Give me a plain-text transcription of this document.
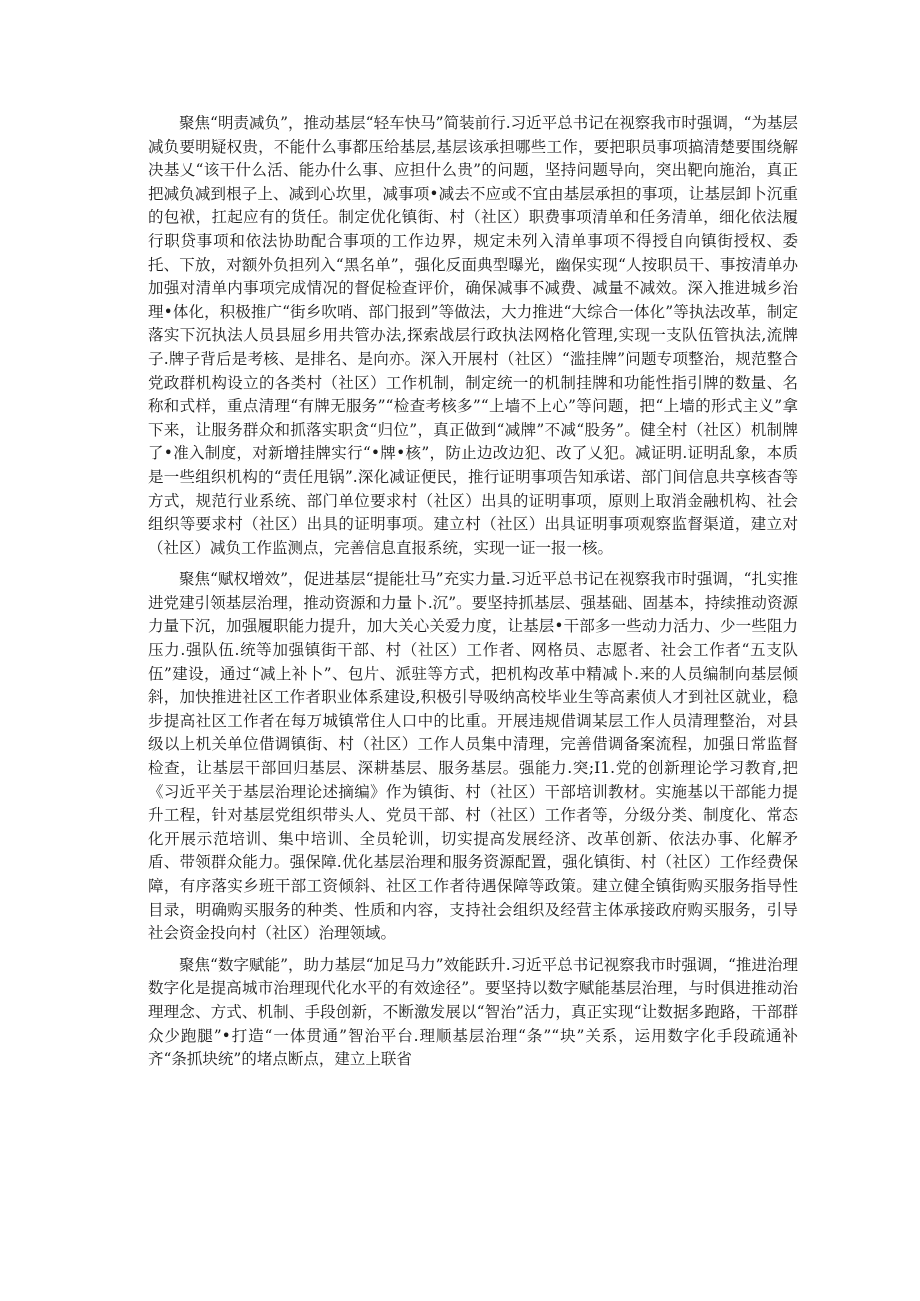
聚焦“明责减负”，推动基层“轻车快马”简装前行.习近平总书记在视察我市时强调，“为基层减负要明疑权贵，不能什么事都压给基层,基层该承担哪些工作，要把职员事项搞清楚要围绕解决基乂“该干什么活、能办什么事、应担什么贵”的问题，坚持问题导向，突出靶向施治，真正把减负减到根子上、减到心坎里，减事项•减去不应或不宜由基层承担的事项，让基层卸卜沉重的包袱，扛起应有的货任。制定优化镇街、村（社区）职费事项清单和任务清单，细化依法履行职贷事项和依法协助配合事项的工作边界，规定未列入清单事项不得授自向镇街授权、委托、下放，对额外负担列入“黑名单”，强化反面典型曝光，幽保实现“人按职员干、事按清单办加强对清单内事项完成情况的督促检查评价，确保减事不减费、减量不减效。深入推进城乡治理•体化，积极推广“街乡吹哨、部门报到”等做法，大力推进“大综合一体化”等执法改革，制定落实下沉执法人员县屈乡用共管办法,探索战层行政执法网格化管理,实现一支队伍管执法,流牌子.牌子背后是考核、是排名、是向亦。深入开展村（社区）“滥挂牌”问题专项整治，规范整合党政群机构设立的各类村（社区）工作机制，制定统一的机制挂牌和功能性指引牌的数量、名称和式样，重点清理“有牌无服务”“检查考核多”“上墙不上心”等问题，把“上墙的形式主义”拿下来，让服务群众和抓落实职贪“归位”，真正做到“减牌”不减“股务”。健全村（社区）机制牌了•准入制度，对新增挂牌实行“•牌•核”，防止边改边犯、改了乂犯。减证明.证明乱象，本质是一些组织机构的“责任甩锅”.深化减证便民，推行证明事项告知承诺、部门间信息共享核杳等方式，规范行业系统、部门单位要求村（社区）出具的证明事项，原则上取消金融机构、社会组织等要求村（社区）出具的证明事项。建立村（社区）出具证明事项观察监督渠道，建立对（社区）减负工作监测点，完善信息直报系统，实现一证一报一核。

聚焦“赋权增效”，促进基层“提能壮马”充实力量.习近平总书记在视察我市时强调，“扎实推进党建引领基层治理，推动资源和力量卜.沉”。要坚持抓基层、强基础、固基本，持续推动资源力量下沉，加强履职能力提升，加大关心关爱力度，让基层•干部多一些动力活力、少一些阻力压力.强队伍.统等加强镇街干部、村（社区）工作者、网格员、志愿者、社会工作者“五支队伍”建设，通过“减上补卜”、包片、派驻等方式，把机构改革中精减卜.来的人员编制向基层倾斜，加快推进社区工作者职业体系建设,积极引导吸纳高校毕业生等高素侦人才到社区就业，稳步提高社区工作者在每万城镇常住人口中的比重。开展违规借调某层工作人员清理整治，对县级以上机关单位借调镇街、村（社区）工作人员集中清理，完善借调备案流程，加强日常监督检查，让基层干部回归基层、深耕基层、服务基层。强能力.突;I1.党的创新理论学习教育,把《习近平关于基层治理论述摘编》作为镇街、村（社区）干部培训教材。实施基以干部能力提升工程，针对基层党组织带头人、党员干部、村（社区）工作者等，分级分类、制度化、常态化开展示范培训、集中培训、全员轮训，切实提高发展经济、改革创新、依法办事、化解矛盾、带领群众能力。强保障.优化基层治理和服务资源配置，强化镇街、村（社区）工作经费保障，有序落实乡班干部工资倾斜、社区工作者待遇保障等政策。建立健全镇街购买服务指导性目录，明确购买服务的种类、性质和内容，支持社会组织及经营主体承接政府购买服务，引导社会资金投向村（社区）治理领域。

聚焦“数字赋能”，助力基层“加足马力”效能跃升.习近平总书记视察我市时强调，“推进治理数字化是提高城市治理现代化水平的有效途径”。要坚持以数字赋能基层治理，与时俱进推动治理理念、方式、机制、手段创新，不断激发展以“智治”活力，真正实现“让数据多跑路，干部群众少跑腿”•打造“一体贯通”智治平台.理顺基层治理“条”“块”关系，运用数字化手段疏通补齐“条抓块统”的堵点断点，建立上联省
